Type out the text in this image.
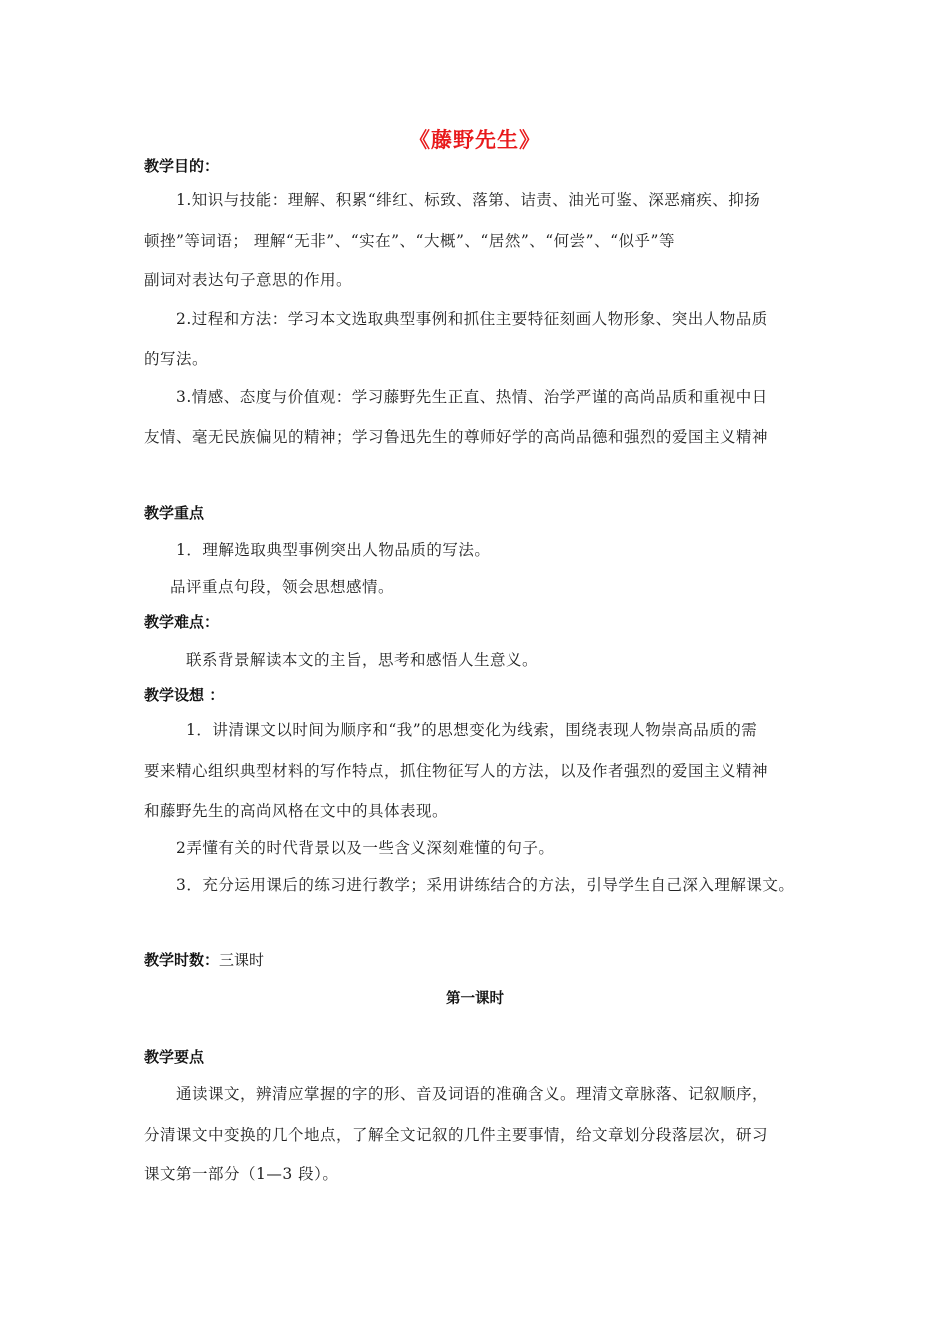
《藤野先生》
教学目的：
1.知识与技能：理解、积累“绯红、标致、落第、诘责、油光可鉴、深恶痛疾、抑扬
顿挫”等词语； 理解“无非”、“实在”、“大概”、“居然”、“何尝”、“似乎”等
副词对表达句子意思的作用。
2.过程和方法：学习本文选取典型事例和抓住主要特征刻画人物形象、突出人物品质
的写法。
3.情感、态度与价值观：学习藤野先生正直、热情、治学严谨的高尚品质和重视中日
友情、毫无民族偏见的精神；学习鲁迅先生的尊师好学的高尚品德和强烈的爱国主义精神
教学重点
1．理解选取典型事例突出人物品质的写法。
品评重点句段，领会思想感情。
教学难点：
联系背景解读本文的主旨，思考和感悟人生意义。
教学设想 ：
1．讲清课文以时间为顺序和“我”的思想变化为线索，围绕表现人物崇高品质的需
要来精心组织典型材料的写作特点，抓住物征写人的方法，以及作者强烈的爱国主义精神
和藤野先生的高尚风格在文中的具体表现。
2弄懂有关的时代背景以及一些含义深刻难懂的句子。
3．充分运用课后的练习进行教学；采用讲练结合的方法，引导学生自己深入理解课文。
教学时数：三课时
第一课时
教学要点
通读课文，辨清应掌握的字的形、音及词语的准确含义。理清文章脉落、记叙顺序，
分清课文中变换的几个地点，了解全文记叙的几件主要事情，给文章划分段落层次，研习
课文第一部分（1—3 段）。
